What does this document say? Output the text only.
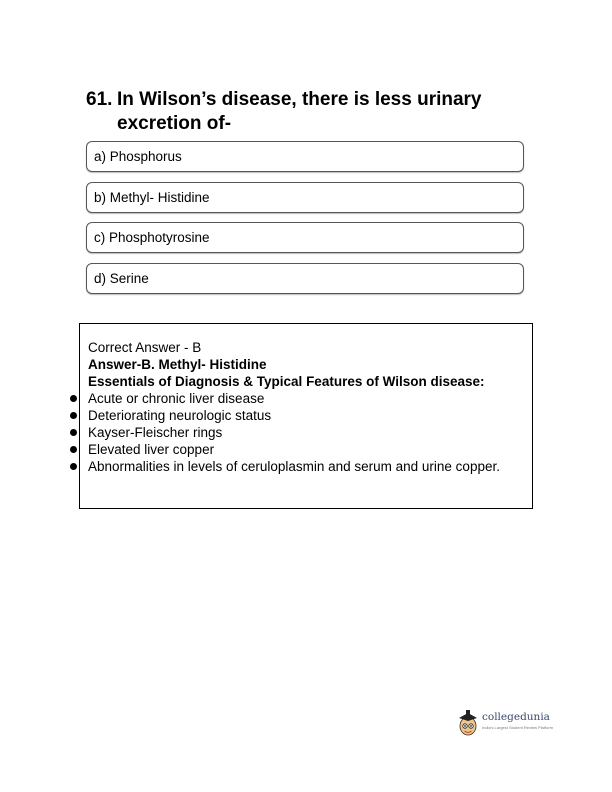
61. In Wilson’s disease, there is less urinary
excretion of-
a) Phosphorus
b) Methyl- Histidine
c) Phosphotyrosine
d) Serine
Correct Answer - B
Answer-B. Methyl- Histidine
Essentials of Diagnosis & Typical Features of Wilson disease:
Acute or chronic liver disease
Deteriorating neurologic status
Kayser-Fleischer rings
Elevated liver copper
Abnormalities in levels of ceruloplasmin and serum and urine copper.
collegedunia
India's Largest Student Review Platform
